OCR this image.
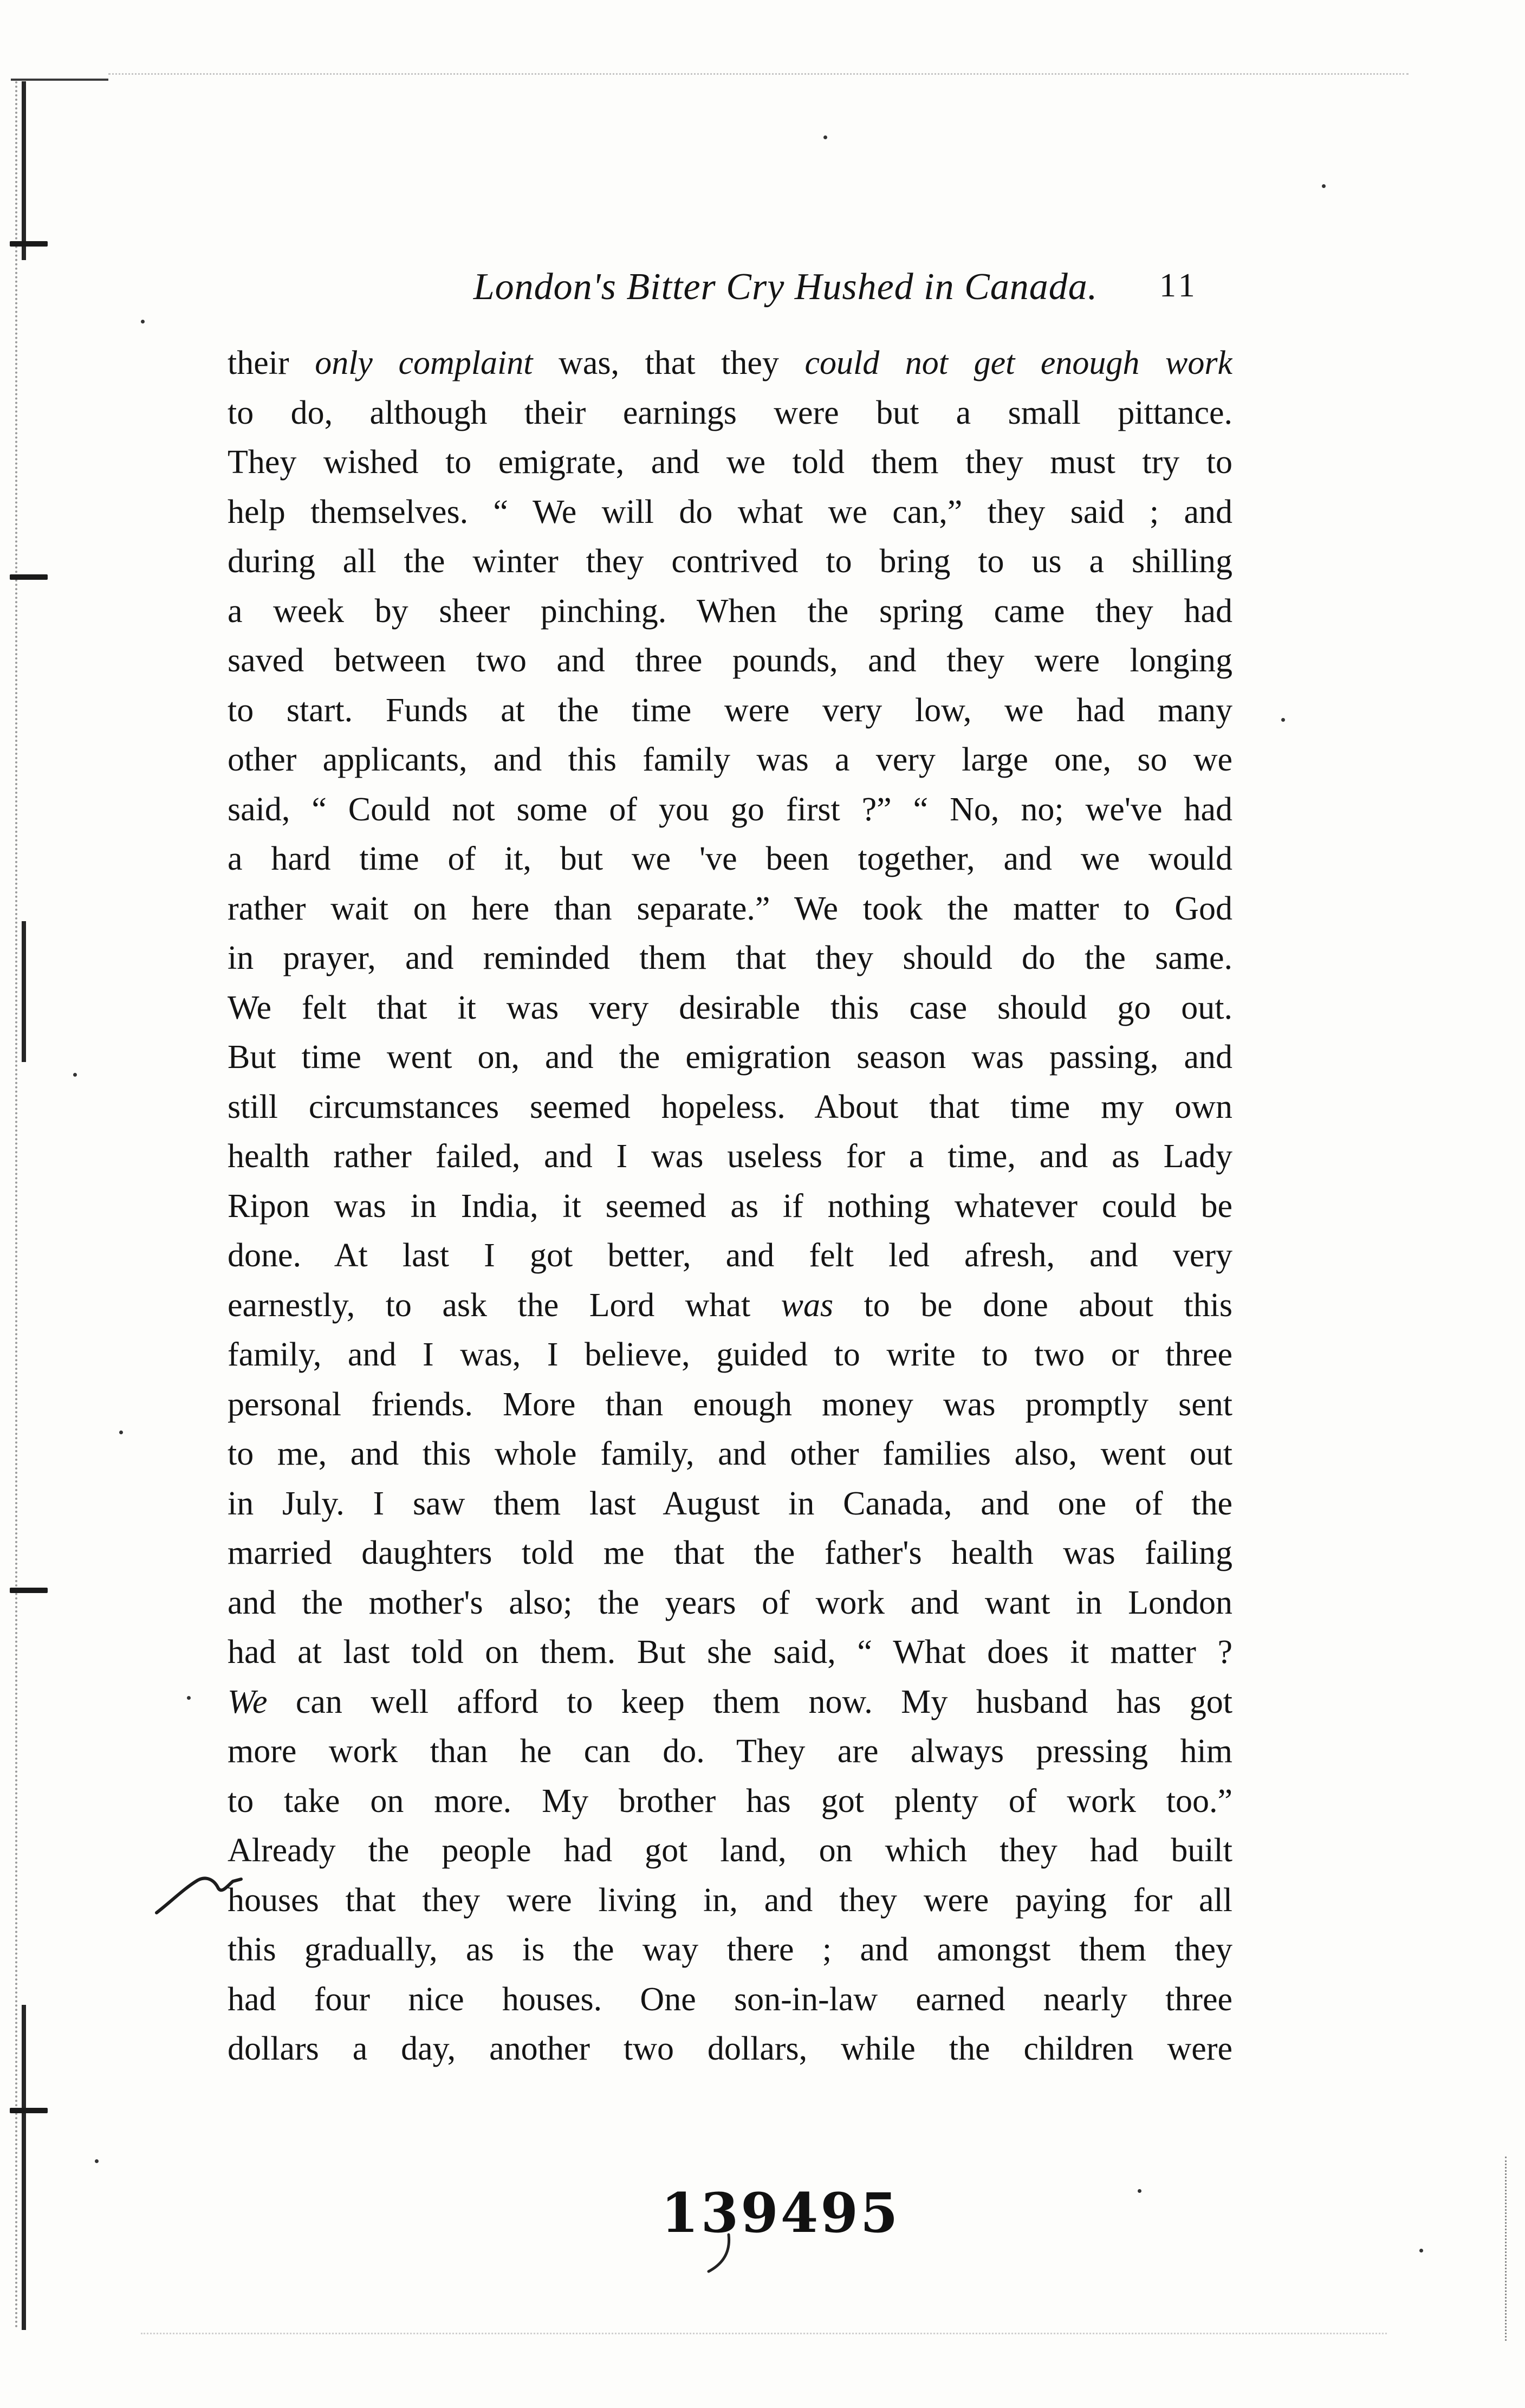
London's Bitter Cry Hushed in Canada.	11
their only complaint was, that they could not get enough work
to do, although their earnings were but a small pittance.
They wished to emigrate, and we told them they must try to
help themselves. “ We will do what we can,” they said ; and
during all the winter they contrived to bring to us a shilling
a week by sheer pinching. When the spring came they had
saved between two and three pounds, and they were longing
to start. Funds at the time were very low, we had many
other applicants, and this family was a very large one, so we
said, “ Could not some of you go first ?” “ No, no; we've had
a hard time of it, but we 've been together, and we would
rather wait on here than separate.” We took the matter to God
in prayer, and reminded them that they should do the same.
We felt that it was very desirable this case should go out.
But time went on, and the emigration season was passing, and
still circumstances seemed hopeless. About that time my own
health rather failed, and I was useless for a time, and as Lady
Ripon was in India, it seemed as if nothing whatever could be
done. At last I got better, and felt led afresh, and very
earnestly, to ask the Lord what was to be done about this
family, and I was, I believe, guided to write to two or three
personal friends. More than enough money was promptly sent
to me, and this whole family, and other families also, went out
in July. I saw them last August in Canada, and one of the
married daughters told me that the father's health was failing
and the mother's also; the years of work and want in London
had at last told on them. But she said, “ What does it matter ?
We can well afford to keep them now. My husband has got
more work than he can do. They are always pressing him
to take on more. My brother has got plenty of work too.”
Already the people had got land, on which they had built
houses that they were living in, and they were paying for all
this gradually, as is the way there ; and amongst them they
had four nice houses. One son-in-law earned nearly three
dollars a day, another two dollars, while the children were
139495
